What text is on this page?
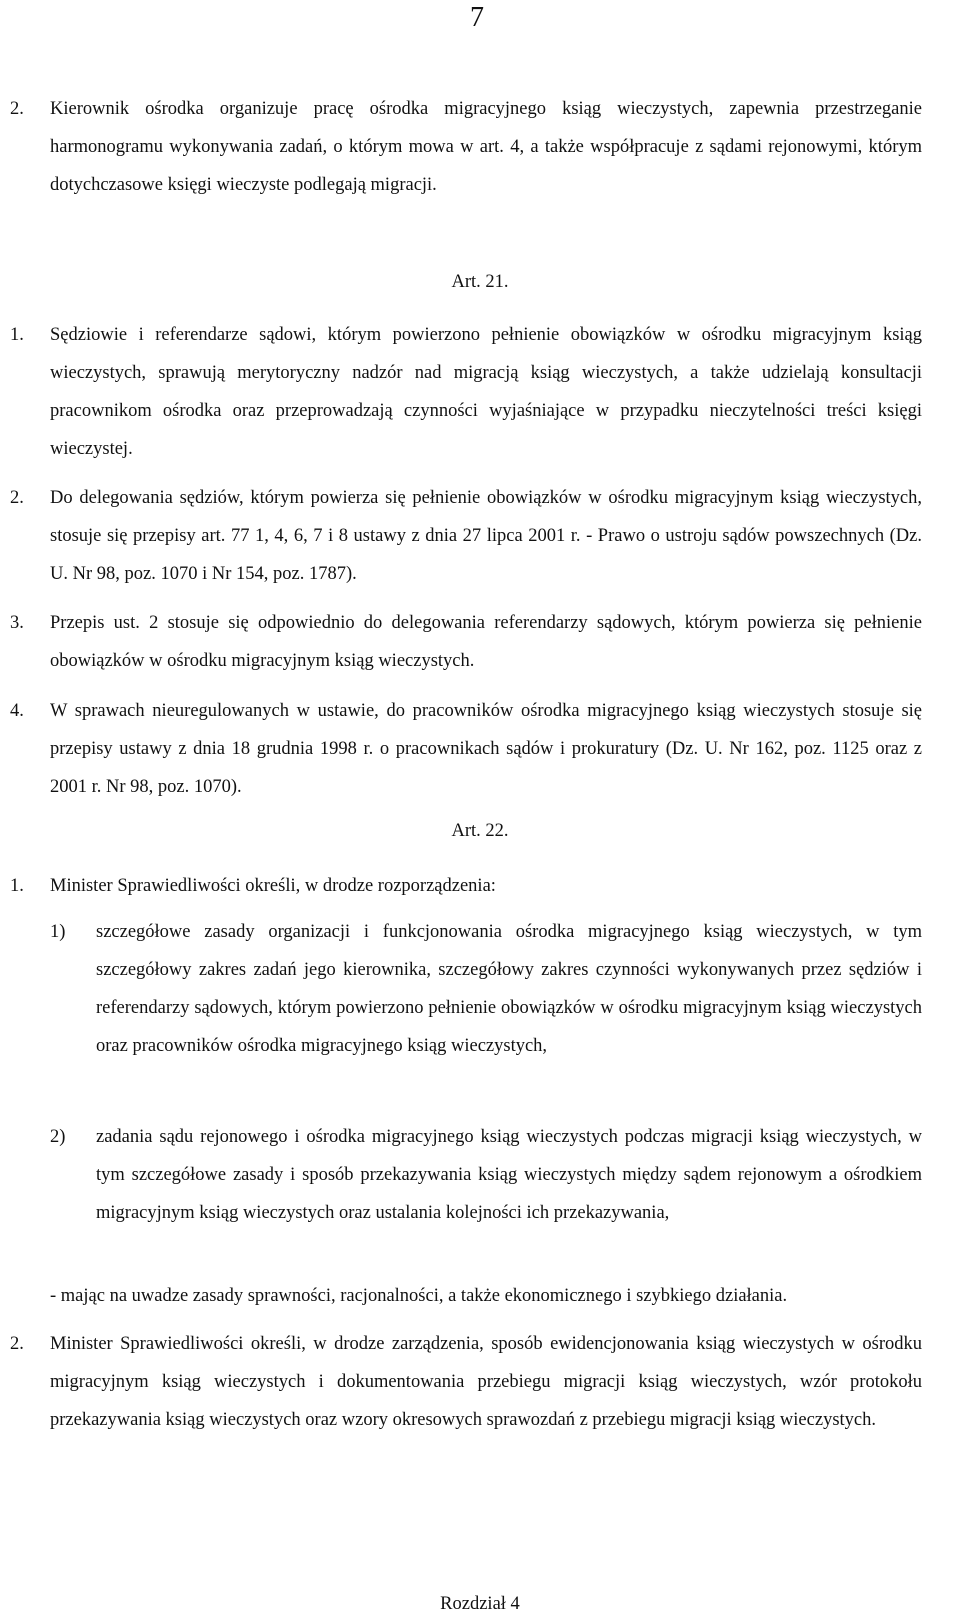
7
2. Kierownik ośrodka organizuje pracę ośrodka migracyjnego ksiąg wieczystych, zapewnia przestrzeganie harmonogramu wykonywania zadań, o którym mowa w art. 4, a także współpracuje z sądami rejonowymi, którym dotychczasowe księgi wieczyste podlegają migracji.
Art. 21.
1. Sędziowie i referendarze sądowi, którym powierzono pełnienie obowiązków w ośrodku migracyjnym ksiąg wieczystych, sprawują merytoryczny nadzór nad migracją ksiąg wieczystych, a także udzielają konsultacji pracownikom ośrodka oraz przeprowadzają czynności wyjaśniające w przypadku nieczytelności treści księgi wieczystej.
2. Do delegowania sędziów, którym powierza się pełnienie obowiązków w ośrodku migracyjnym ksiąg wieczystych, stosuje się przepisy art. 77 1, 4, 6, 7 i 8 ustawy z dnia 27 lipca 2001 r. - Prawo o ustroju sądów powszechnych (Dz. U. Nr 98, poz. 1070 i Nr 154, poz. 1787).
3. Przepis ust. 2 stosuje się odpowiednio do delegowania referendarzy sądowych, którym powierza się pełnienie obowiązków w ośrodku migracyjnym ksiąg wieczystych.
4. W sprawach nieuregulowanych w ustawie, do pracowników ośrodka migracyjnego ksiąg wieczystych stosuje się przepisy ustawy z dnia 18 grudnia 1998 r. o pracownikach sądów i prokuratury (Dz. U. Nr 162, poz. 1125 oraz z 2001 r. Nr 98, poz. 1070).
Art. 22.
1. Minister Sprawiedliwości określi, w drodze rozporządzenia:
1) szczegółowe zasady organizacji i funkcjonowania ośrodka migracyjnego ksiąg wieczystych, w tym szczegółowy zakres zadań jego kierownika, szczegółowy zakres czynności wykonywanych przez sędziów i referendarzy sądowych, którym powierzono pełnienie obowiązków w ośrodku migracyjnym ksiąg wieczystych oraz pracowników ośrodka migracyjnego ksiąg wieczystych,
2) zadania sądu rejonowego i ośrodka migracyjnego ksiąg wieczystych podczas migracji ksiąg wieczystych, w tym szczegółowe zasady i sposób przekazywania ksiąg wieczystych między sądem rejonowym a ośrodkiem migracyjnym ksiąg wieczystych oraz ustalania kolejności ich przekazywania,
- mając na uwadze zasady sprawności, racjonalności, a także ekonomicznego i szybkiego działania.
2. Minister Sprawiedliwości określi, w drodze zarządzenia, sposób ewidencjonowania ksiąg wieczystych w ośrodku migracyjnym ksiąg wieczystych i dokumentowania przebiegu migracji ksiąg wieczystych, wzór protokołu przekazywania ksiąg wieczystych oraz wzory okresowych sprawozdań z przebiegu migracji ksiąg wieczystych.
Rozdział 4
